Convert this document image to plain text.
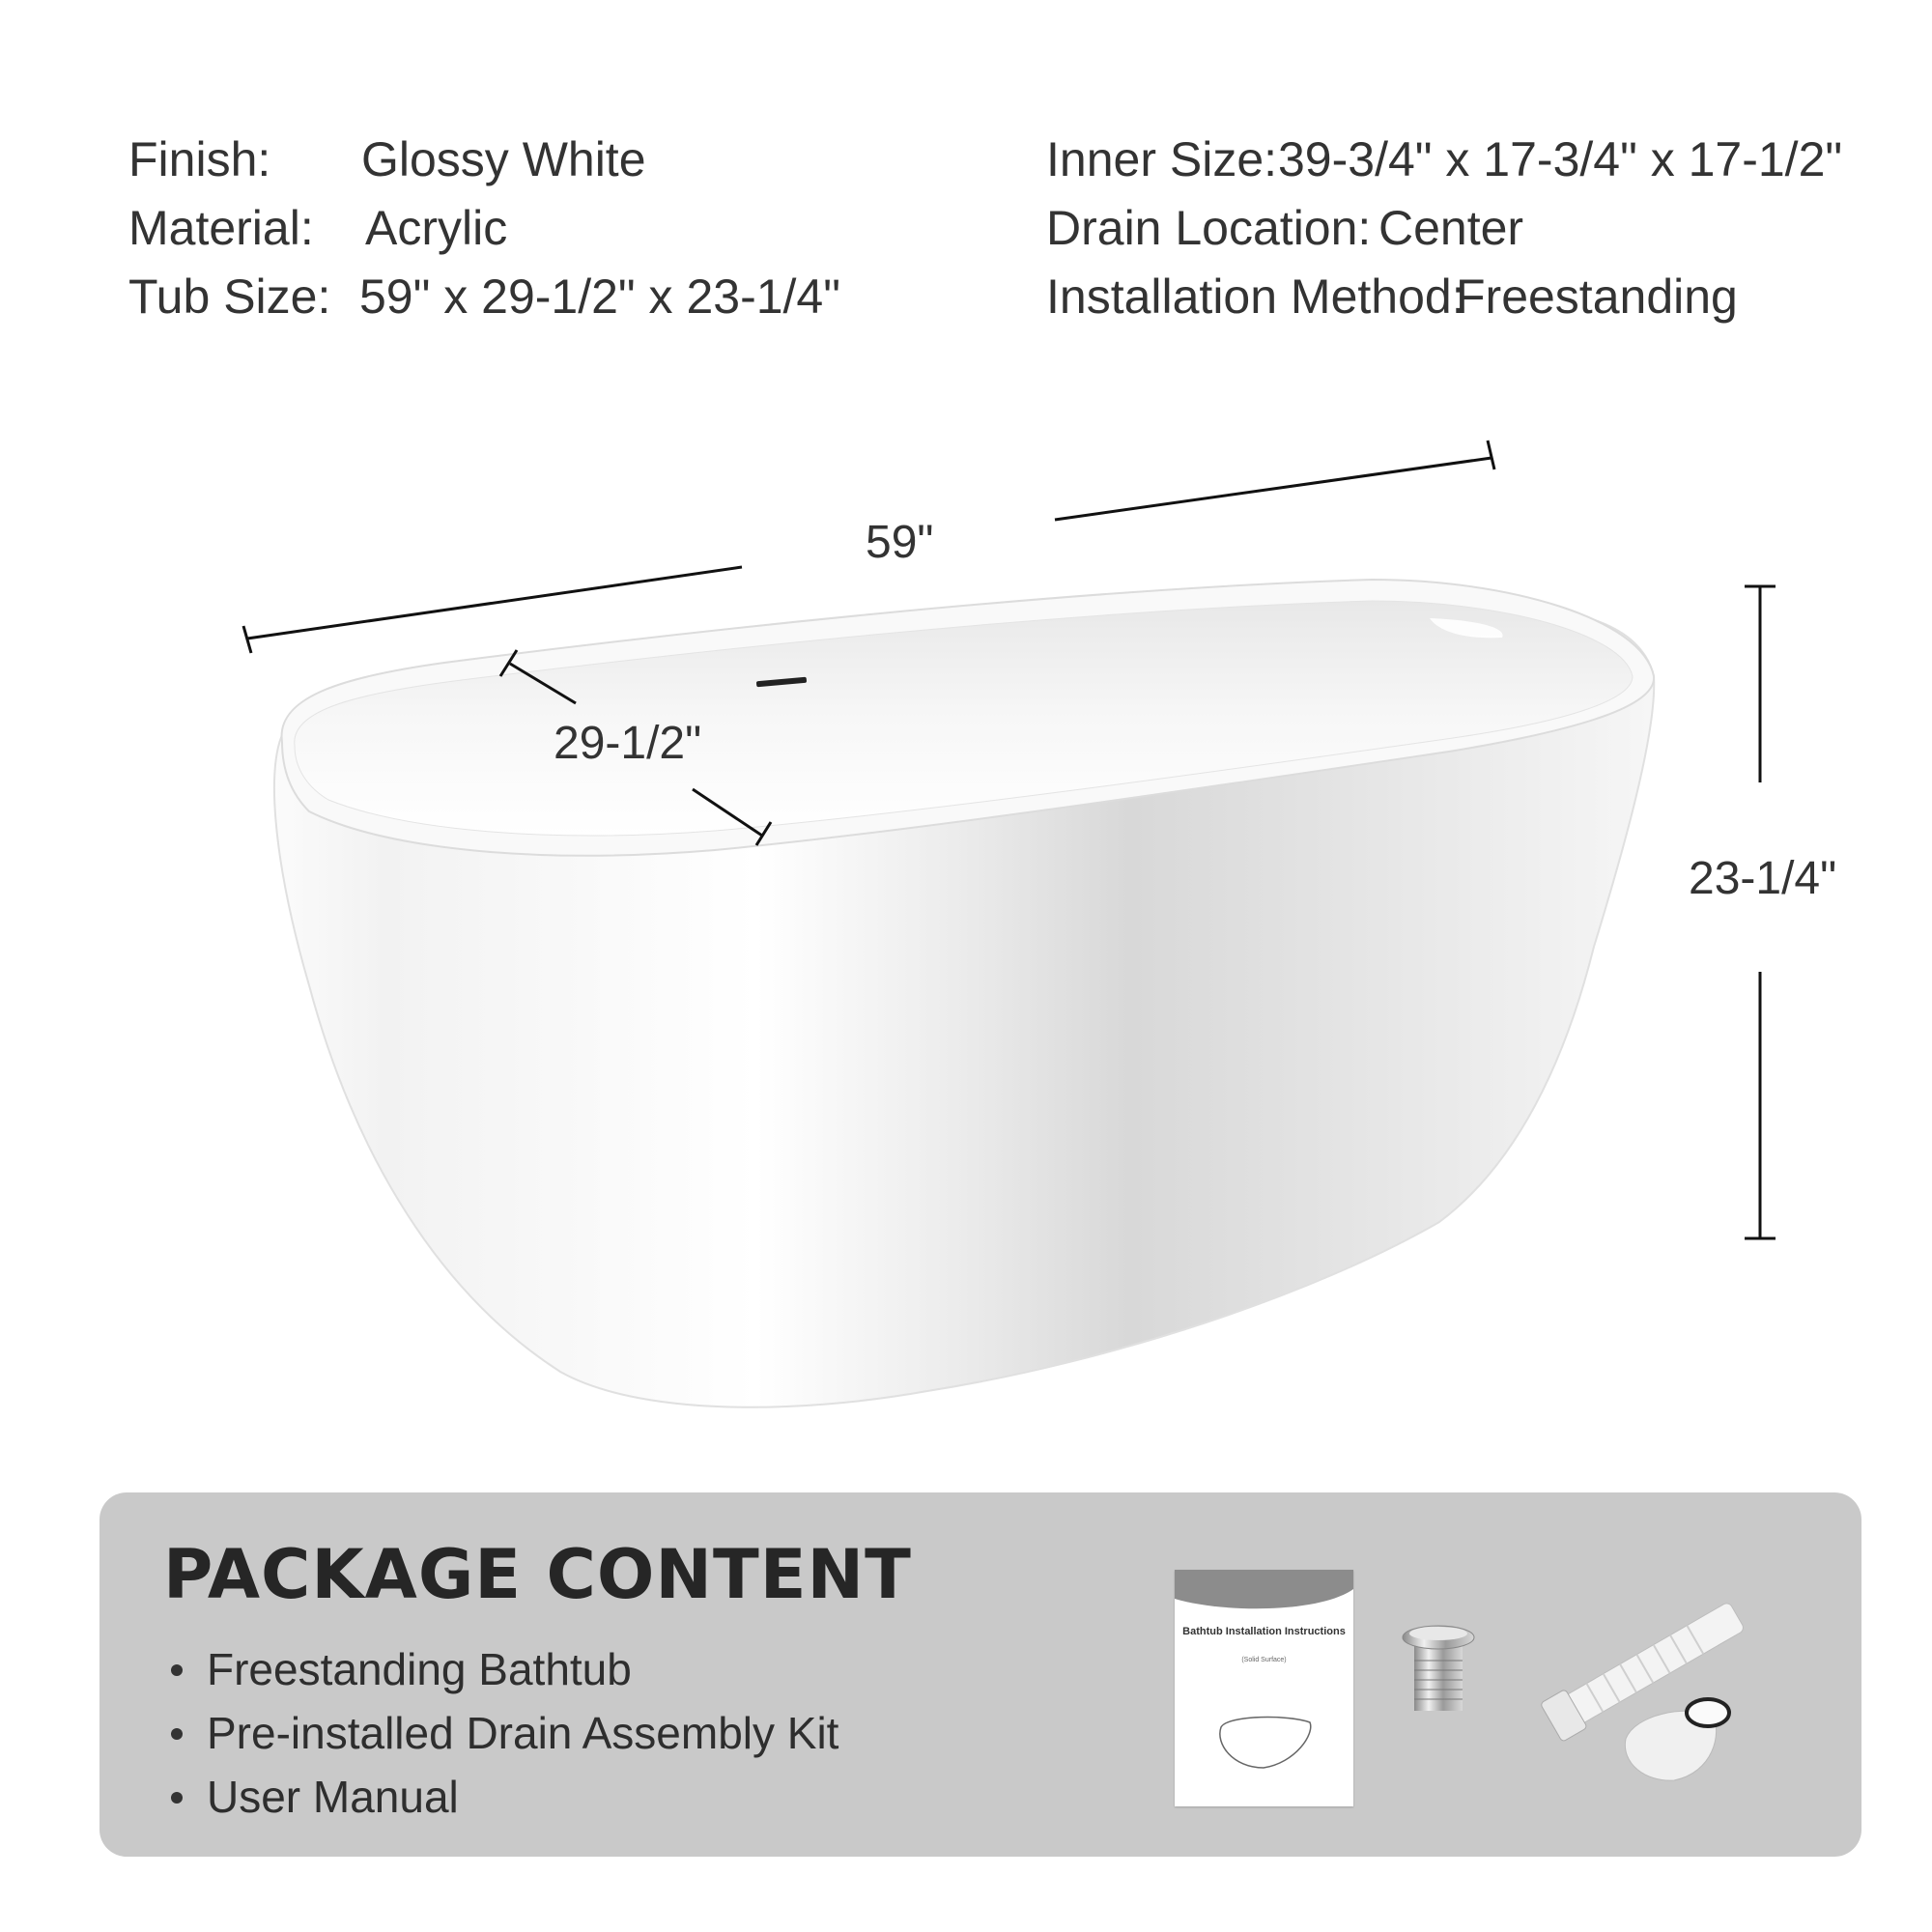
Finish: Glossy White
Material: Acrylic
Tub Size: 59" x 29-1/2" x 23-1/4"
Inner Size: 39-3/4" x 17-3/4" x 17-1/2"
Drain Location: Center
Installation Method:
Freestanding
59"
29-1/2"
23-1/4"
PACKAGE CONTENT
Freestanding Bathtub
Pre-installed Drain Assembly Kit
User Manual
Bathtub Installation Instructions
(Solid Surface)
